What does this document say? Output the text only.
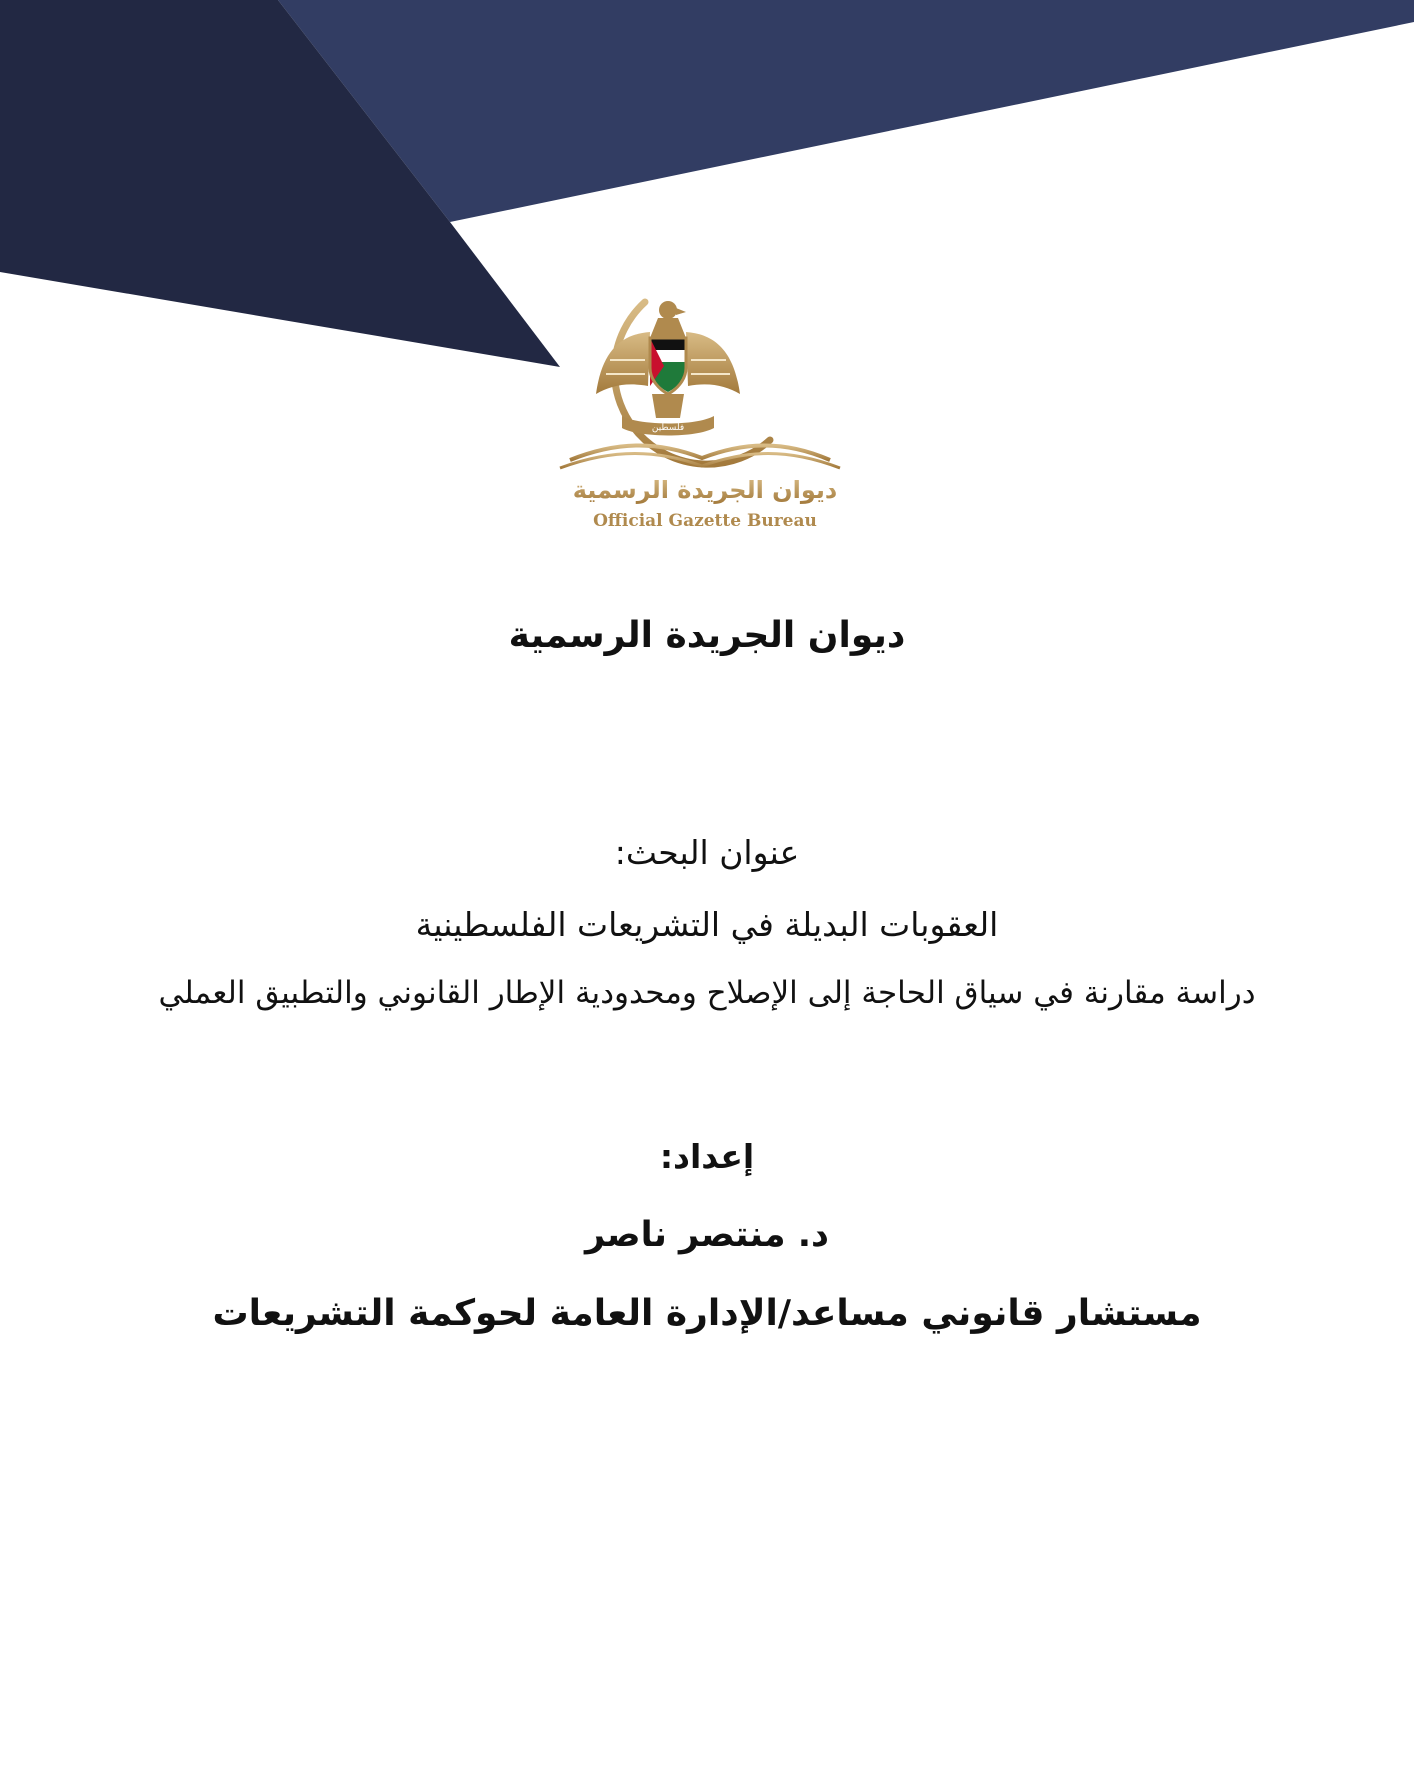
فلسطين
ديوان الجريدة الرسمية
Official Gazette Bureau
ديوان الجريدة الرسمية
عنوان البحث:
العقوبات البديلة في التشريعات الفلسطينية
دراسة مقارنة في سياق الحاجة إلى الإصلاح ومحدودية الإطار القانوني والتطبيق العملي
إعداد:
د. منتصر ناصر
مستشار قانوني مساعد/الإدارة العامة لحوكمة التشريعات
